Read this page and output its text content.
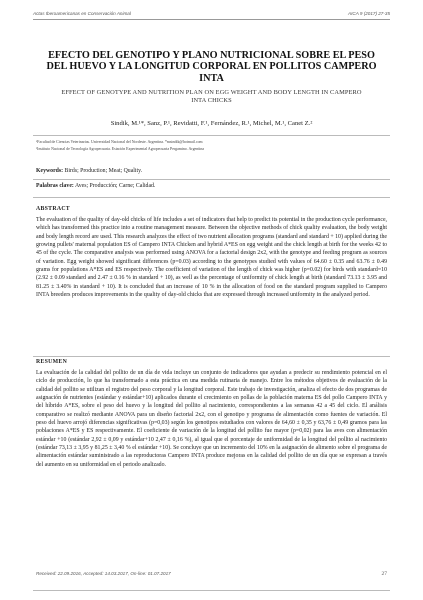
Actas Iberoamericanas en Conservación Animal	AICA 9 (2017) 27-35
EFECTO DEL GENOTIPO Y PLANO NUTRICIONAL SOBRE EL PESO DEL HUEVO Y LA LONGITUD CORPORAL EN POLLITOS CAMPERO INTA
EFFECT OF GENOTYPE AND NUTRITION PLAN ON EGG WEIGHT AND BODY LENGTH IN CAMPERO INTA CHICKS
Sindik, M.¹*, Sanz, P.¹, Revidatti, F.¹, Fernández, R.¹, Michel, M.¹, Canet Z.²
¹Facultad de Ciencias Veterinarias. Universidad Nacional del Nordeste. Argentina. *msindik@hotmail.com
²Instituto Nacional de Tecnología Agropecuaria. Estación Experimental Agropecuaria Pergamino. Argentina
Keywords: Birds; Production; Meat; Quality.
Palabras clave: Aves; Producción; Carne; Calidad.
ABSTRACT
The evaluation of the quality of day-old chicks of life includes a set of indicators that help to predict its potential in the production cycle performance, which has transformed this practice into a routine management measure. Between the objective methods of chick quality evaluation, the body weight and body length record are used. This research analyzes the effect of two nutrient allocation programs (standard and standard + 10) applied during the growing pullets' maternal population ES of Campero INTA Chicken and hybrid A*ES on egg weight and the chick length at birth for the weeks 42 to 45 of the cycle. The comparative analysis was performed using ANOVA for a factorial design 2x2, with the genotype and feeding program as sources of variation. Egg weight showed significant differences (p=0.03) according to the genotypes studied with values of 64.60 ± 0.35 and 63.76 ± 0.49 grams for populations A*ES and ES respectively. The coefficient of variation of the length of chick was higher (p=0.02) for birds with standard=10 (2.92 ± 0.09 standard and 2.47 ± 0.16 % in standard + 10), as well as the percentage of uniformity of chick length at birth (standard 73.13 ± 3.95 and 81.25 ± 3.40% in standard + 10). It is concluded that an increase of 10 % in the allocation of food on the standard program supplied to Campero INTA breeders produces improvements in the quality of day-old chicks that are expressed through increased uniformity in the analyzed period.
RESUMEN
La evaluación de la calidad del pollito de un día de vida incluye un conjunto de indicadores que ayudan a predecir su rendimiento potencial en el ciclo de producción, lo que ha transformado a esta práctica en una medida rutinaria de manejo. Entre los métodos objetivos de evaluación de la calidad del pollito se utilizan el registro del peso corporal y la longitud corporal. Este trabajo de investigación, analiza el efecto de dos programas de asignación de nutrientes (estándar y estándar+10) aplicados durante el crecimiento en pollas de la población materna ES del pollo Campero INTA y del híbrido A*ES, sobre el peso del huevo y la longitud del pollito al nacimiento, correspondientes a las semanas 42 a 45 del ciclo. El análisis comparativo se realizó mediante ANOVA para un diseño factorial 2x2, con el genotipo y programa de alimentación como fuentes de variación. El peso del huevo arrojó diferencias significativas (p=0,03) según los genotipos estudiados con valores de 64,60 ± 0,35 y 63,76 ± 0,49 gramos para las poblaciones A*ES y ES respectivamente. El coeficiente de variación de la longitud del pollito fue mayor (p=0,02) para las aves con alimentación estándar +10 (estándar 2,92 ± 0,09 y estándar+10 2,47 ± 0,16 %), al igual que el porcentaje de uniformidad de la longitud del pollito al nacimiento (estándar 73,13 ± 3,95 y 81,25 ± 3,40 % el estándar +10). Se concluye que un incremento del 10% en la asignación de alimento sobre el programa de alimentación estándar suministrado a las reproductoras Campero INTA produce mejoras en la calidad del pollito de un día que se expresan a través del aumento en su uniformidad en el periodo analizado.
Received: 22.09.2016, Accepted: 14.03.2017, On-line: 01.07.2017	27
